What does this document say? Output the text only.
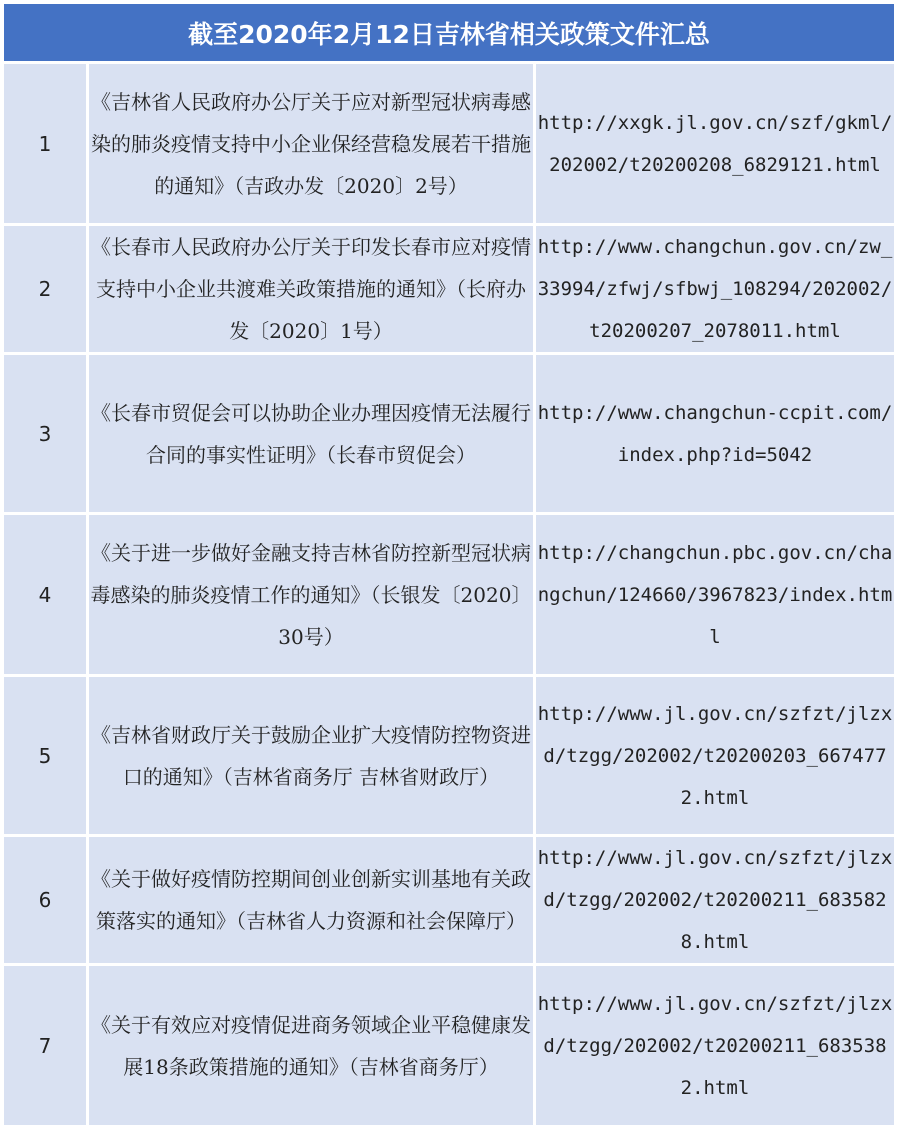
截至2020年2月12日吉林省相关政策文件汇总
1	《吉林省人民政府办公厅关于应对新型冠状病毒感染的肺炎疫情支持中小企业保经营稳发展若干措施的通知》（吉政办发〔2020〕2号）	http://xxgk.jl.gov.cn/szf/gkml/202002/t20200208_6829121.html
2	《长春市人民政府办公厅关于印发长春市应对疫情支持中小企业共渡难关政策措施的通知》（长府办发〔2020〕1号）	http://www.changchun.gov.cn/zw_33994/zfwj/sfbwj_108294/202002/t20200207_2078011.html
3	《长春市贸促会可以协助企业办理因疫情无法履行合同的事实性证明》（长春市贸促会）	http://www.changchun-ccpit.com/index.php?id=5042
4	《关于进一步做好金融支持吉林省防控新型冠状病毒感染的肺炎疫情工作的通知》（长银发〔2020〕30号）	http://changchun.pbc.gov.cn/changchun/124660/3967823/index.html
5	《吉林省财政厅关于鼓励企业扩大疫情防控物资进口的通知》（吉林省商务厅 吉林省财政厅）	http://www.jl.gov.cn/szfzt/jlzxd/tzgg/202002/t20200203_6674772.html
6	《关于做好疫情防控期间创业创新实训基地有关政策落实的通知》（吉林省人力资源和社会保障厅）	http://www.jl.gov.cn/szfzt/jlzxd/tzgg/202002/t20200211_6835828.html
7	《关于有效应对疫情促进商务领域企业平稳健康发展18条政策措施的通知》（吉林省商务厅）	http://www.jl.gov.cn/szfzt/jlzxd/tzgg/202002/t20200211_6835382.html
